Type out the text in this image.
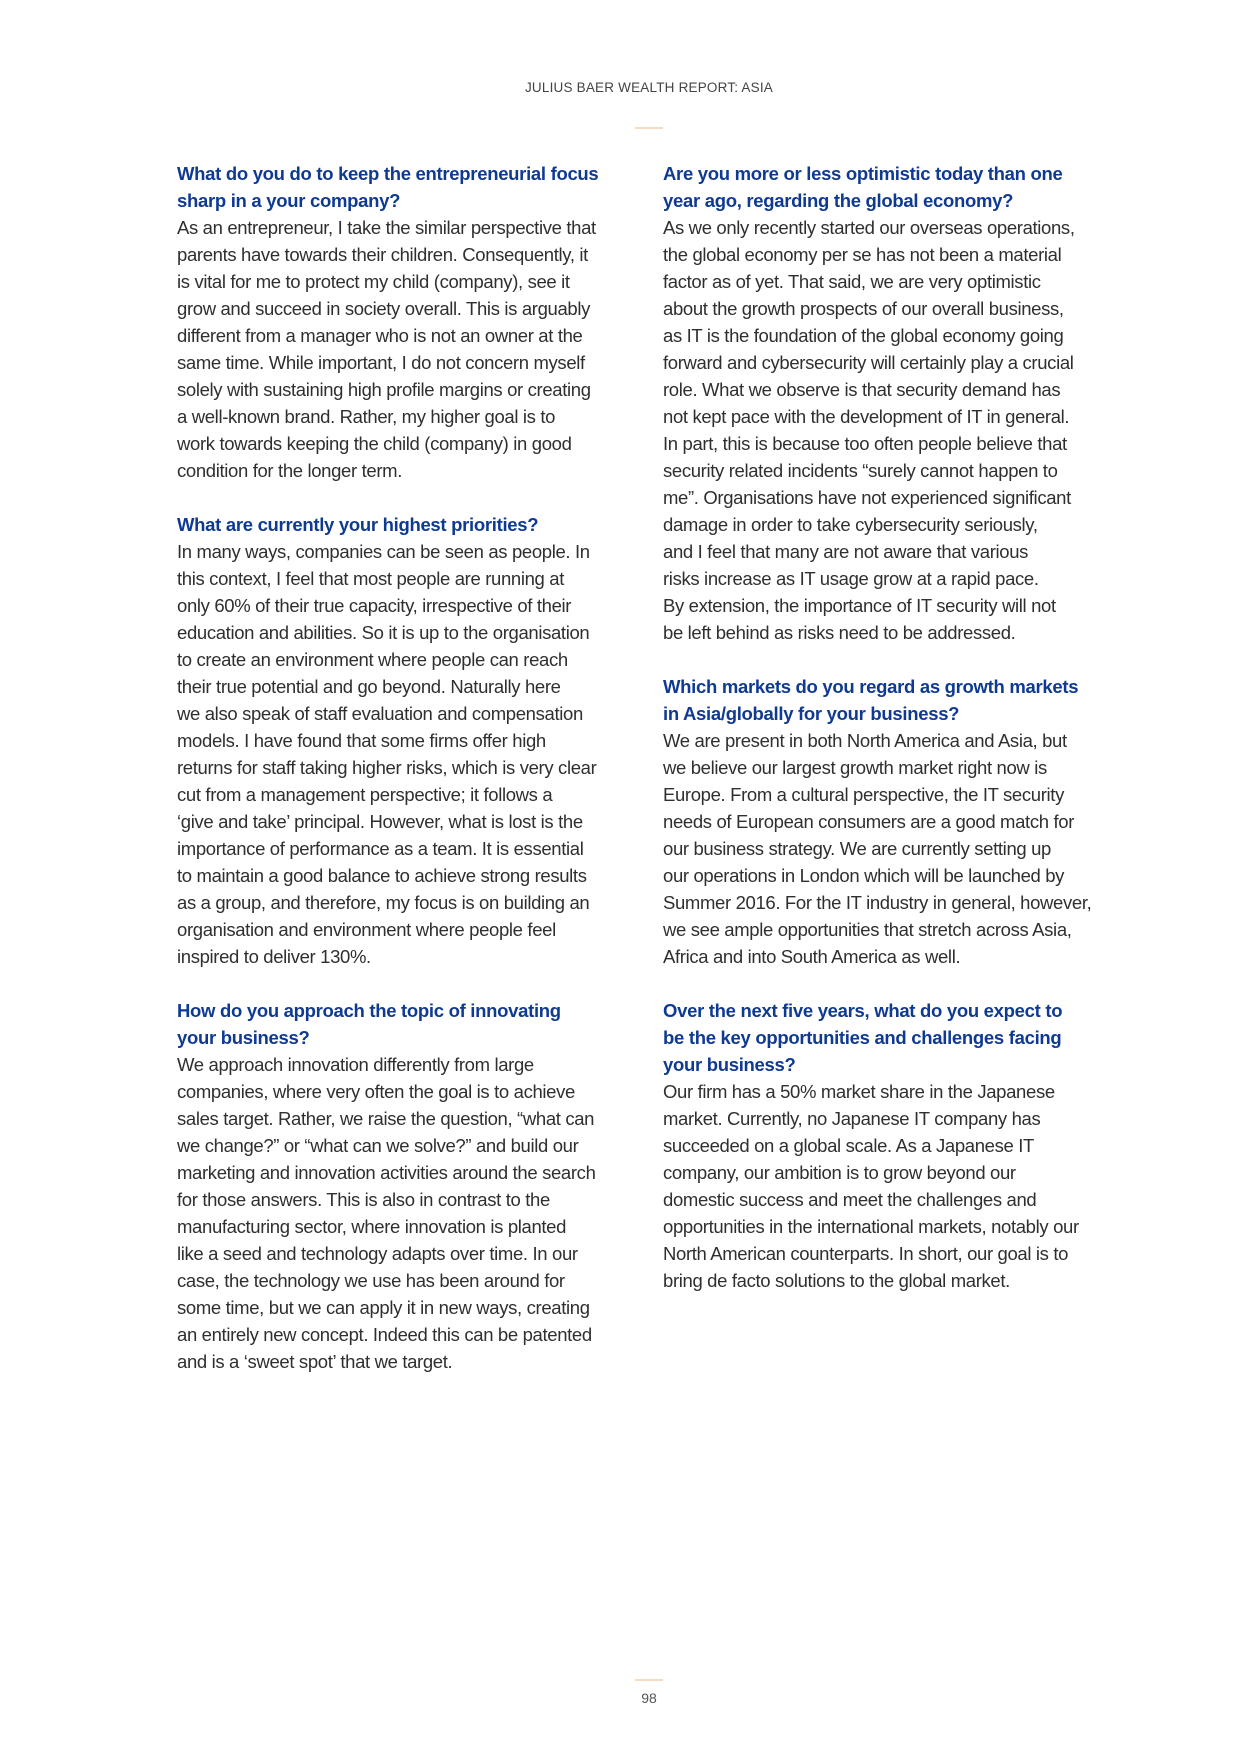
JULIUS BAER WEALTH REPORT: ASIA
What do you do to keep the entrepreneurial focus
sharp in a your company?
As an entrepreneur, I take the similar perspective that
parents have towards their children. Consequently, it
is vital for me to protect my child (company), see it
grow and succeed in society overall. This is arguably
different from a manager who is not an owner at the
same time. While important, I do not concern myself
solely with sustaining high profile margins or creating
a well-known brand. Rather, my higher goal is to
work towards keeping the child (company) in good
condition for the longer term.
What are currently your highest priorities?
In many ways, companies can be seen as people. In
this context, I feel that most people are running at
only 60% of their true capacity, irrespective of their
education and abilities. So it is up to the organisation
to create an environment where people can reach
their true potential and go beyond. Naturally here
we also speak of staff evaluation and compensation
models. I have found that some firms offer high
returns for staff taking higher risks, which is very clear
cut from a management perspective; it follows a
‘give and take’ principal. However, what is lost is the
importance of performance as a team. It is essential
to maintain a good balance to achieve strong results
as a group, and therefore, my focus is on building an
organisation and environment where people feel
inspired to deliver 130%.
How do you approach the topic of innovating
your business?
We approach innovation differently from large
companies, where very often the goal is to achieve
sales target. Rather, we raise the question, “what can
we change?” or “what can we solve?” and build our
marketing and innovation activities around the search
for those answers. This is also in contrast to the
manufacturing sector, where innovation is planted
like a seed and technology adapts over time. In our
case, the technology we use has been around for
some time, but we can apply it in new ways, creating
an entirely new concept. Indeed this can be patented
and is a ‘sweet spot’ that we target.
Are you more or less optimistic today than one
year ago, regarding the global economy?
As we only recently started our overseas operations,
the global economy per se has not been a material
factor as of yet. That said, we are very optimistic
about the growth prospects of our overall business,
as IT is the foundation of the global economy going
forward and cybersecurity will certainly play a crucial
role. What we observe is that security demand has
not kept pace with the development of IT in general.
In part, this is because too often people believe that
security related incidents “surely cannot happen to
me”. Organisations have not experienced significant
damage in order to take cybersecurity seriously,
and I feel that many are not aware that various
risks increase as IT usage grow at a rapid pace.
By extension, the importance of IT security will not
be left behind as risks need to be addressed.
Which markets do you regard as growth markets
in Asia/globally for your business?
We are present in both North America and Asia, but
we believe our largest growth market right now is
Europe. From a cultural perspective, the IT security
needs of European consumers are a good match for
our business strategy. We are currently setting up
our operations in London which will be launched by
Summer 2016. For the IT industry in general, however,
we see ample opportunities that stretch across Asia,
Africa and into South America as well.
Over the next five years, what do you expect to
be the key opportunities and challenges facing
your business?
Our firm has a 50% market share in the Japanese
market. Currently, no Japanese IT company has
succeeded on a global scale. As a Japanese IT
company, our ambition is to grow beyond our
domestic success and meet the challenges and
opportunities in the international markets, notably our
North American counterparts. In short, our goal is to
bring de facto solutions to the global market.
98
